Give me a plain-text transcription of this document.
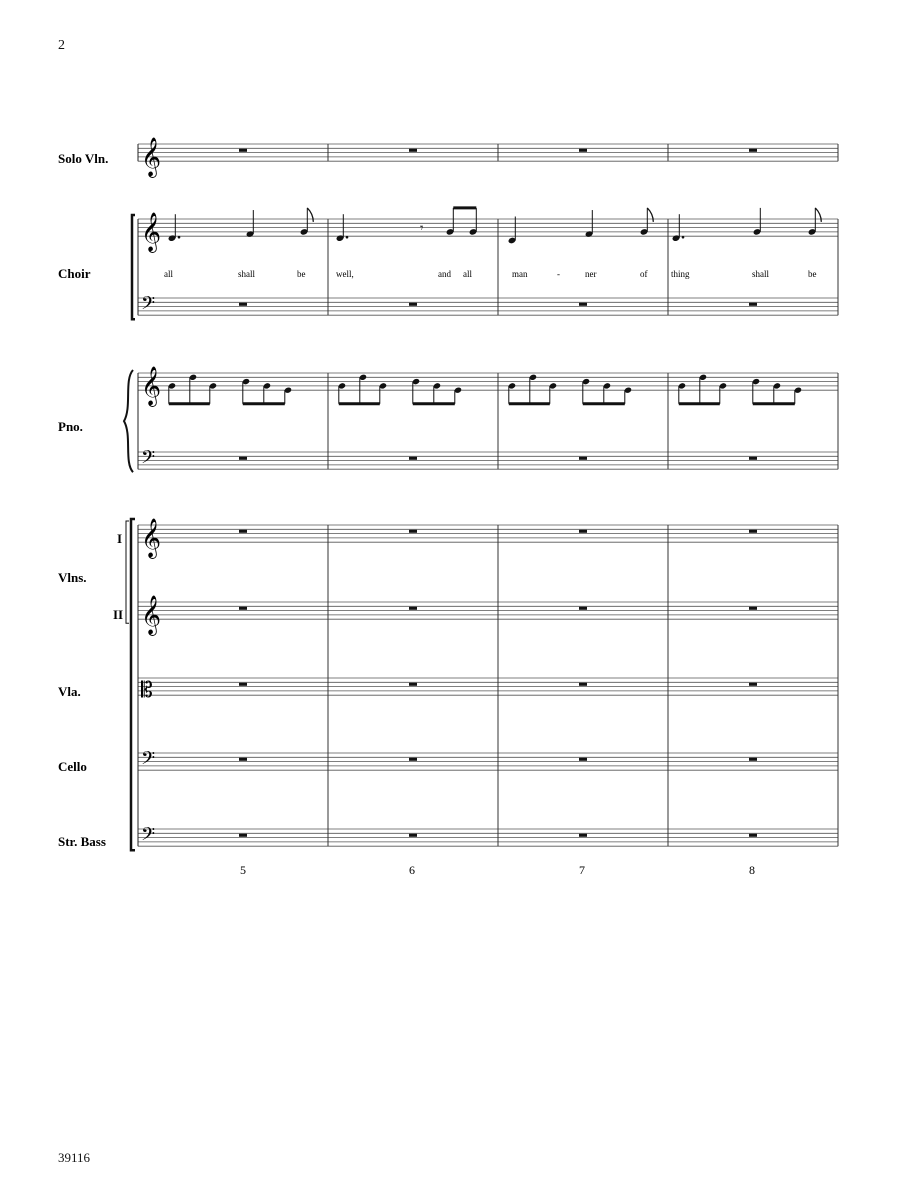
2
𝄞
𝄞
𝄢
𝄞
𝄢
𝄞
𝄞
𝄡
𝄢
𝄢
𝄾
Solo Vln.
Choir
Pno.
Vlns.
Vla.
Cello
Str. Bass
I
II
all	shall	be	well,	and all	man	-	ner	of	thing	shall	be
5	6	7	8
39116
